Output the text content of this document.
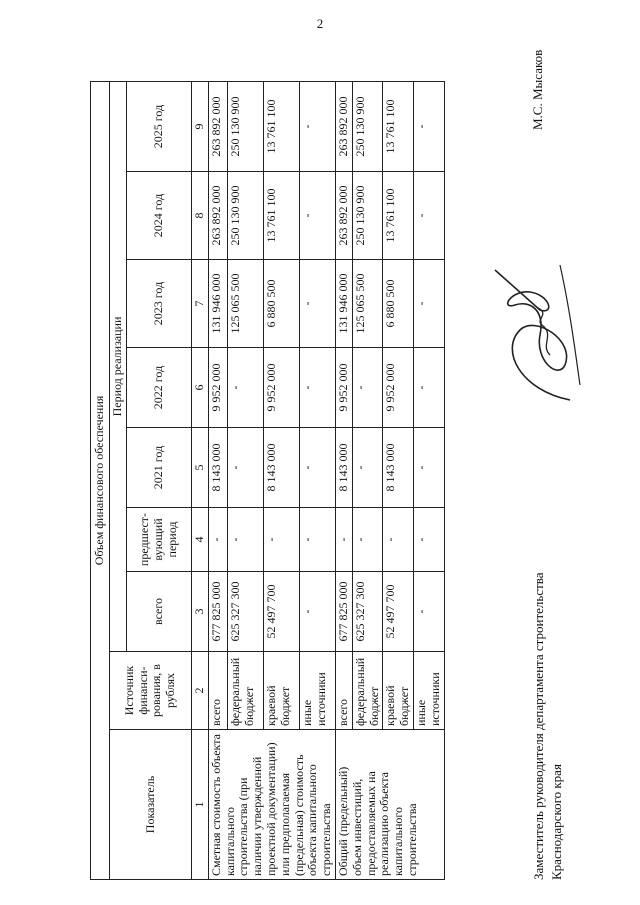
2
Объем финансового обеспечения								
Показатель	Источник финанси-рования, в рублях	Период реализации						
		всего	предшест-вующий период	2021 год	2022 год	2023 год	2024 год	2025 год
1	2	3	4	5	6	7	8	9
Сметная стоимость объекта капитального строительства (при наличии утвержденной проектной документации) или предполагаемая (предельная) стоимость объекта капитального строительства	всего	677 825 000	-	8 143 000	9 952 000	131 946 000	263 892 000	263 892 000
	федеральный бюджет	625 327 300	-	-	-	125 065 500	250 130 900	250 130 900
	краевой бюджет	52 497 700	-	8 143 000	9 952 000	6 880 500	13 761 100	13 761 100
	иные источники	-	-	-	-	-	-	-
Общий (предельный) объем инвестиций, предоставляемых на реализацию объекта капитального строительства	всего	677 825 000	-	8 143 000	9 952 000	131 946 000	263 892 000	263 892 000
	федеральный бюджет	625 327 300	-	-	-	125 065 500	250 130 900	250 130 900
	краевой бюджет	52 497 700	-	8 143 000	9 952 000	6 880 500	13 761 100	13 761 100
	иные источники	-	-	-	-	-	-	-
Заместитель руководителя департамента строительства Краснодарского края
М.С. Мысаков
